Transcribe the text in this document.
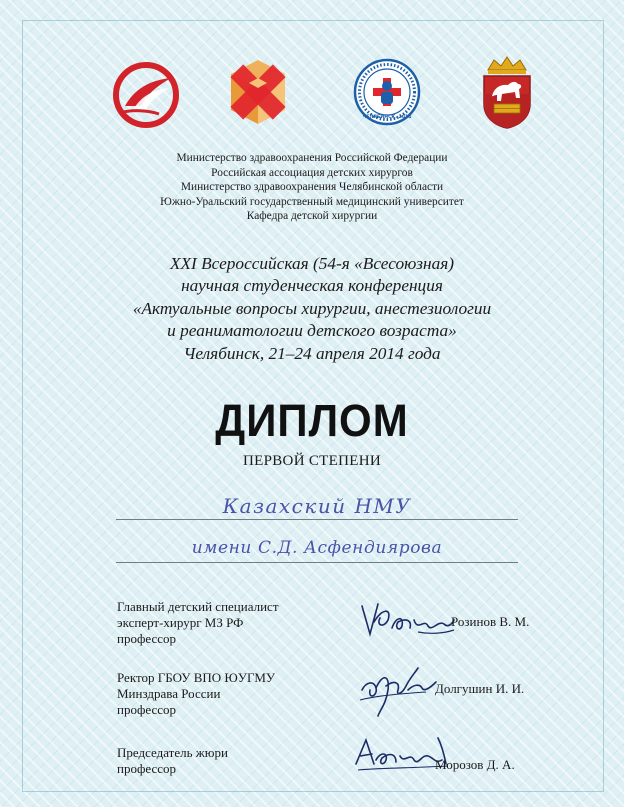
ЧЕЛЯБИНСК, 2014
Министерство здравоохранения Российской Федерации
Российская ассоциация детских хирургов
Министерство здравоохранения Челябинской области
Южно-Уральский государственный медицинский университет
Кафедра детской хирургии
XXI Всероссийская (54-я «Всесоюзная)
научная студенческая конференция
«Актуальные вопросы хирургии, анестезиологии
и реаниматологии детского возраста»
Челябинск, 21–24 апреля 2014 года
ДИПЛОМ
ПЕРВОЙ СТЕПЕНИ
Казахский НМУ
имени С.Д. Асфендиярова
Главный детский специалист
эксперт-хирург МЗ РФ
профессор
Розинов В. М.
Ректор ГБОУ ВПО ЮУГМУ
Минздрава России
профессор
Долгушин И. И.
Председатель жюри
профессор	Морозов Д. А.
